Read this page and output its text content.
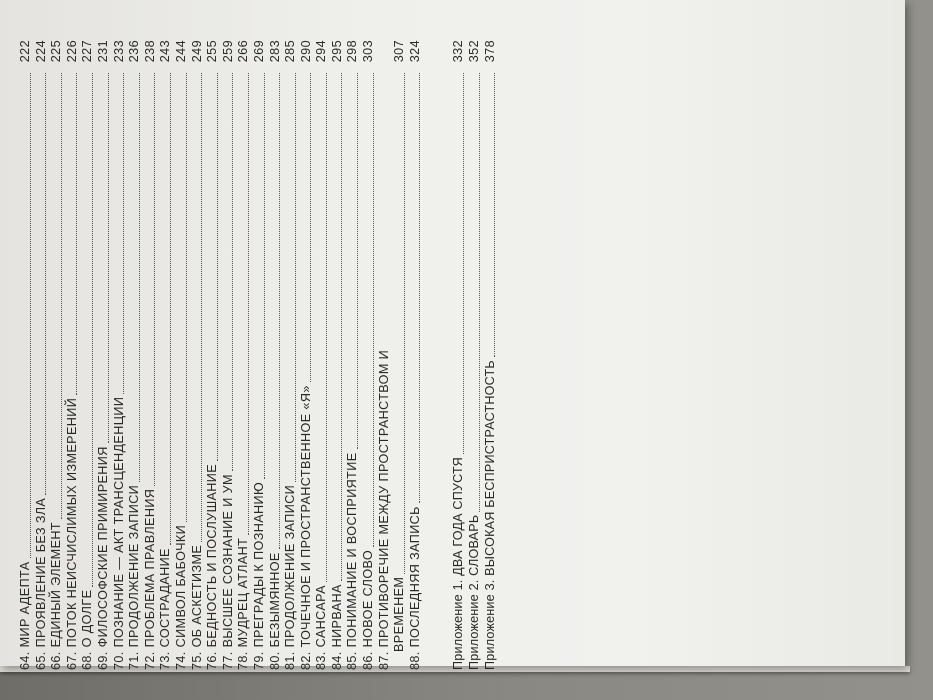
64. МИР АДЕПТА
222
65. ПРОЯВЛЕНИЕ БЕЗ ЗЛА
224
66. ЕДИНЫЙ ЭЛЕМЕНТ
225
67. ПОТОК НЕИСЧИСЛИМЫХ ИЗМЕРЕНИЙ
226
68. О ДОЛГЕ
227
69. ФИЛОСОФСКИЕ ПРИМИРЕНИЯ
231
70. ПОЗНАНИЕ — АКТ ТРАНСЦЕНДЕНЦИИ
233
71. ПРОДОЛЖЕНИЕ ЗАПИСИ
236
72. ПРОБЛЕМА ПРАВЛЕНИЯ
238
73. СОСТРАДАНИЕ
243
74. СИМВОЛ БАБОЧКИ
244
75. ОБ АСКЕТИЗМЕ
249
76. БЕДНОСТЬ И ПОСЛУШАНИЕ
255
77. ВЫСШЕЕ СОЗНАНИЕ И УМ
259
78. МУДРЕЦ АТЛАНТ
266
79. ПРЕГРАДЫ К ПОЗНАНИЮ
269
80. БЕЗЫМЯННОЕ
283
81. ПРОДОЛЖЕНИЕ ЗАПИСИ
285
82. ТОЧЕЧНОЕ И ПРОСТРАНСТВЕННОЕ «Я»
290
83. САНСАРА
294
84. НИРВАНА
295
85. ПОНИМАНИЕ И ВОСПРИЯТИЕ
298
86. НОВОЕ СЛОВО
303
87. ПРОТИВОРЕЧИЕ МЕЖДУ ПРОСТРАНСТВОМ И ВРЕМЕНЕМ
307
88. ПОСЛЕДНЯЯ ЗАПИСЬ
324
Приложение 1. ДВА ГОДА СПУСТЯ
332
Приложение 2. СЛОВАРЬ
352
Приложение 3. ВЫСОКАЯ БЕСПРИСТРАСТНОСТЬ
378
